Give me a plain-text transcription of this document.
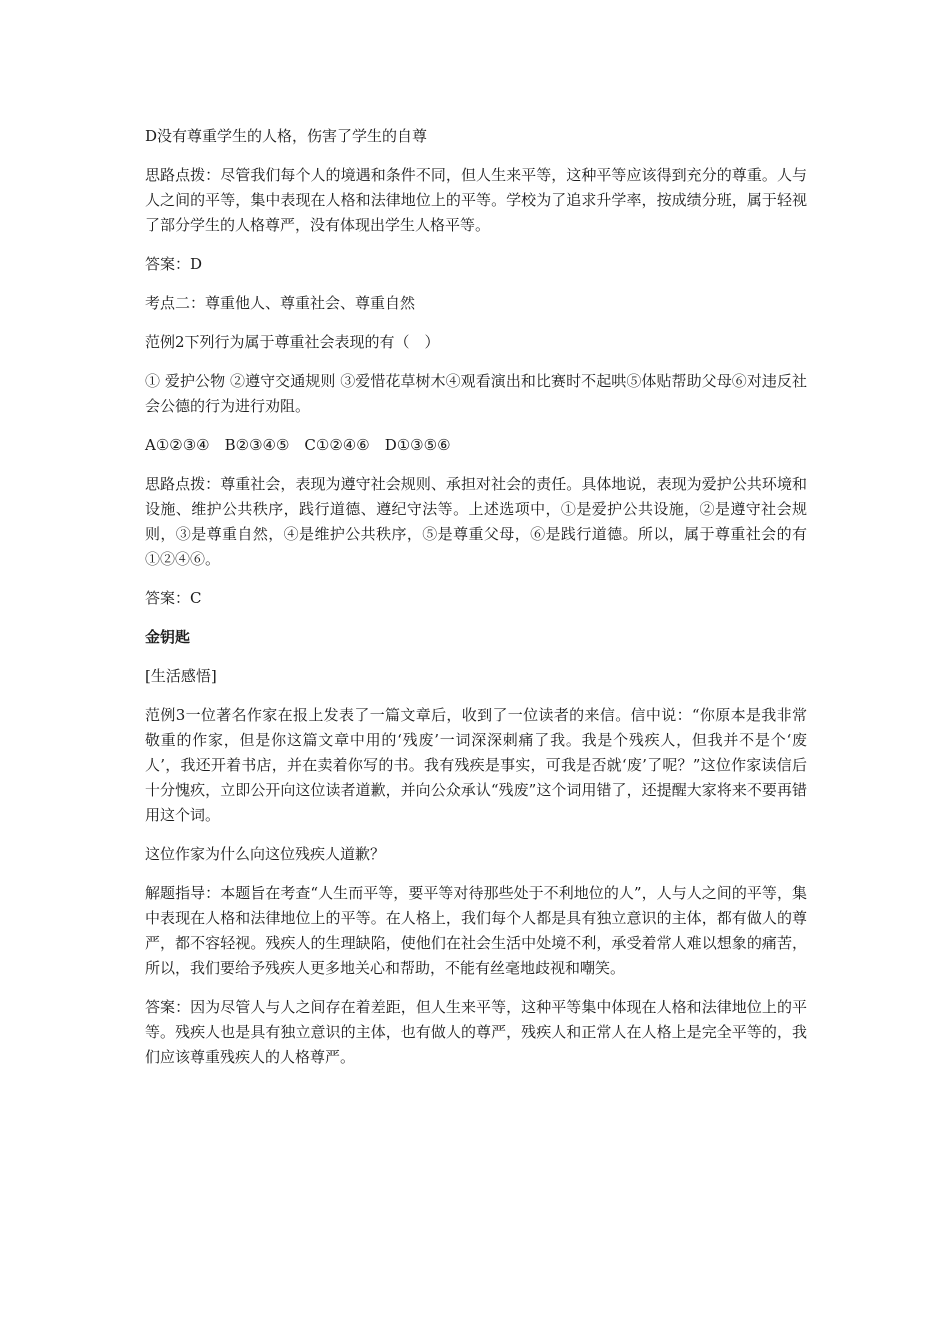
D没有尊重学生的人格，伤害了学生的自尊

思路点拨：尽管我们每个人的境遇和条件不同，但人生来平等，这种平等应该得到充分的尊重。人与人之间的平等，集中表现在人格和法律地位上的平等。学校为了追求升学率，按成绩分班，属于轻视了部分学生的人格尊严，没有体现出学生人格平等。

答案：D

考点二：尊重他人、尊重社会、尊重自然

范例2下列行为属于尊重社会表现的有（　）

① 爱护公物 ②遵守交通规则 ③爱惜花草树木④观看演出和比赛时不起哄⑤体贴帮助父母⑥对违反社会公德的行为进行劝阻。

A①②③④　B②③④⑤　C①②④⑥　D①③⑤⑥

思路点拨：尊重社会，表现为遵守社会规则、承担对社会的责任。具体地说，表现为爱护公共环境和设施、维护公共秩序，践行道德、遵纪守法等。上述选项中，①是爱护公共设施，②是遵守社会规则，③是尊重自然，④是维护公共秩序，⑤是尊重父母，⑥是践行道德。所以，属于尊重社会的有①②④⑥。

答案：C

金钥匙

[生活感悟]

范例3一位著名作家在报上发表了一篇文章后，收到了一位读者的来信。信中说：“你原本是我非常敬重的作家，但是你这篇文章中用的‘残废’一词深深刺痛了我。我是个残疾人，但我并不是个‘废人’，我还开着书店，并在卖着你写的书。我有残疾是事实，可我是否就‘废’了呢？”这位作家读信后十分愧疚，立即公开向这位读者道歉，并向公众承认“残废”这个词用错了，还提醒大家将来不要再错用这个词。

这位作家为什么向这位残疾人道歉？

解题指导：本题旨在考查“人生而平等，要平等对待那些处于不利地位的人”，人与人之间的平等，集中表现在人格和法律地位上的平等。在人格上，我们每个人都是具有独立意识的主体，都有做人的尊严，都不容轻视。残疾人的生理缺陷，使他们在社会生活中处境不利，承受着常人难以想象的痛苦，所以，我们要给予残疾人更多地关心和帮助，不能有丝毫地歧视和嘲笑。

答案：因为尽管人与人之间存在着差距，但人生来平等，这种平等集中体现在人格和法律地位上的平等。残疾人也是具有独立意识的主体，也有做人的尊严，残疾人和正常人在人格上是完全平等的，我们应该尊重残疾人的人格尊严。
